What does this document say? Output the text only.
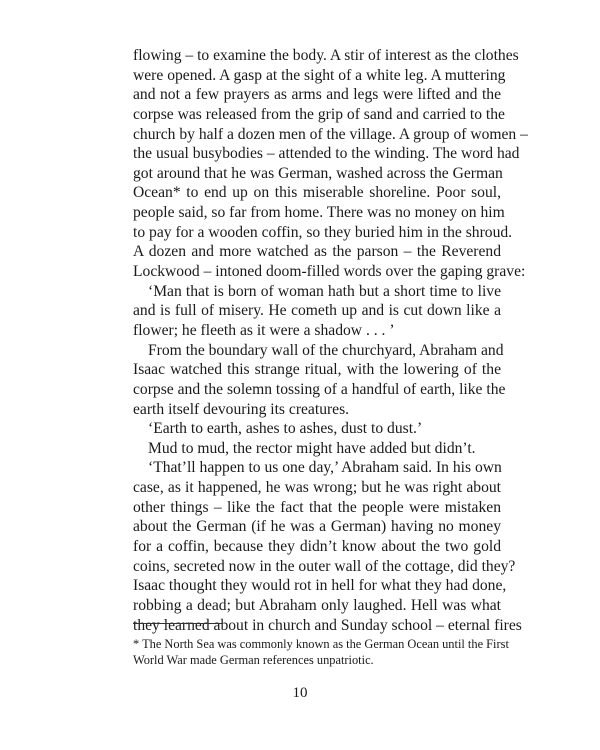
flowing – to examine the body. A stir of interest as the clothes
were opened. A gasp at the sight of a white leg. A muttering
and not a few prayers as arms and legs were lifted and the
corpse was released from the grip of sand and carried to the
church by half a dozen men of the village. A group of women –
the usual busybodies – attended to the winding. The word had
got around that he was German, washed across the German
Ocean* to end up on this miserable shoreline. Poor soul,
people said, so far from home. There was no money on him
to pay for a wooden coffin, so they buried him in the shroud.
A dozen and more watched as the parson – the Reverend
Lockwood – intoned doom-filled words over the gaping grave:
‘Man that is born of woman hath but a short time to live
and is full of misery. He cometh up and is cut down like a
flower; he fleeth as it were a shadow . . . ’
From the boundary wall of the churchyard, Abraham and
Isaac watched this strange ritual, with the lowering of the
corpse and the solemn tossing of a handful of earth, like the
earth itself devouring its creatures.
‘Earth to earth, ashes to ashes, dust to dust.’
Mud to mud, the rector might have added but didn’t.
‘That’ll happen to us one day,’ Abraham said. In his own
case, as it happened, he was wrong; but he was right about
other things – like the fact that the people were mistaken
about the German (if he was a German) having no money
for a coffin, because they didn’t know about the two gold
coins, secreted now in the outer wall of the cottage, did they?
Isaac thought they would rot in hell for what they had done,
robbing a dead; but Abraham only laughed. Hell was what
they learned about in church and Sunday school – eternal fires
* The North Sea was commonly known as the German Ocean until the First
World War made German references unpatriotic.
10
